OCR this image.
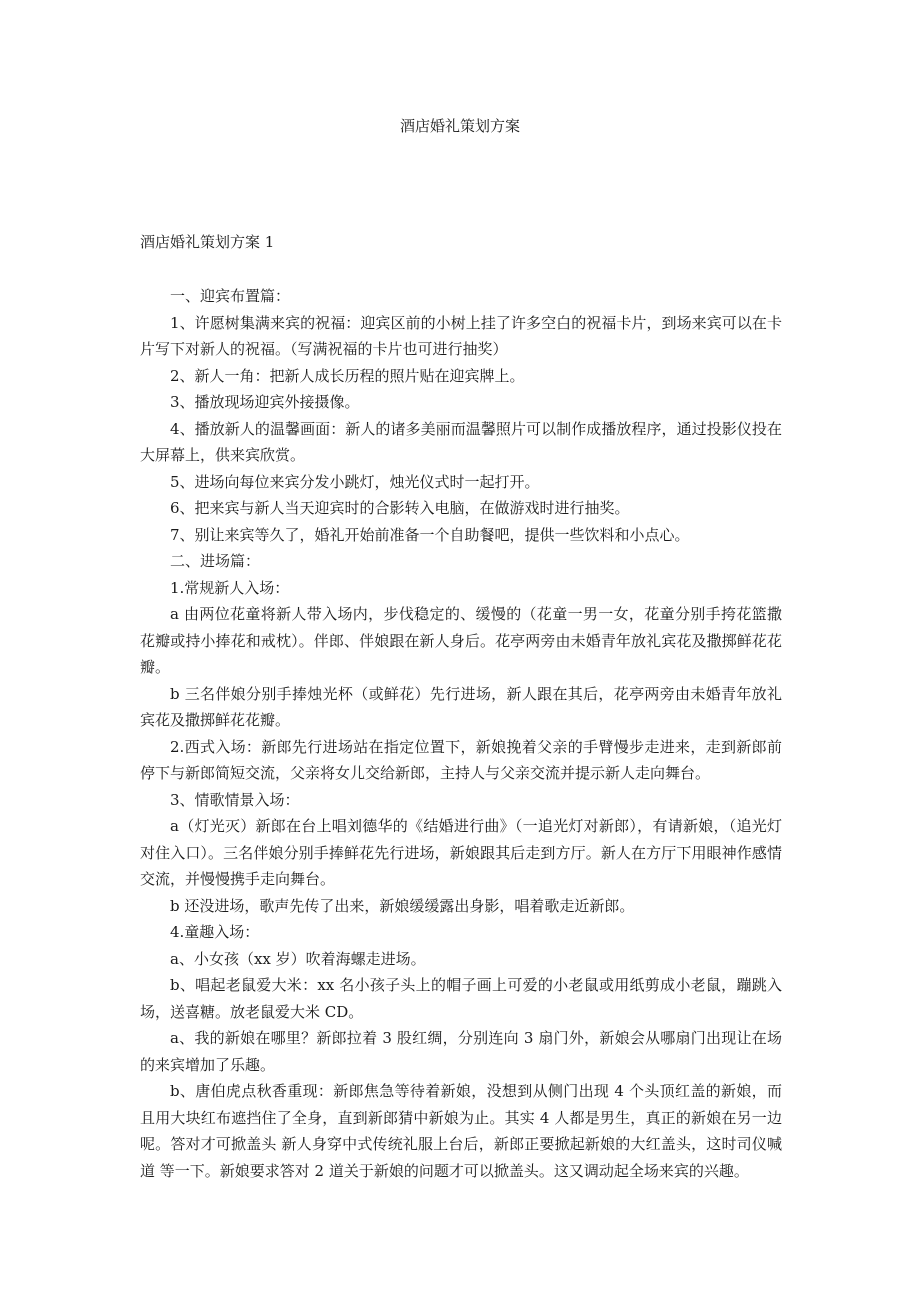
酒店婚礼策划方案
酒店婚礼策划方案 1

一、迎宾布置篇：

1、许愿树集满来宾的祝福：迎宾区前的小树上挂了许多空白的祝福卡片，到场来宾可以在卡片写下对新人的祝福。（写满祝福的卡片也可进行抽奖）

2、新人一角：把新人成长历程的照片贴在迎宾牌上。

3、播放现场迎宾外接摄像。

4、播放新人的温馨画面：新人的诸多美丽而温馨照片可以制作成播放程序，通过投影仪投在大屏幕上，供来宾欣赏。

5、进场向每位来宾分发小跳灯，烛光仪式时一起打开。

6、把来宾与新人当天迎宾时的合影转入电脑，在做游戏时进行抽奖。

7、别让来宾等久了，婚礼开始前准备一个自助餐吧，提供一些饮料和小点心。

二、进场篇：

1.常规新人入场：

a 由两位花童将新人带入场内，步伐稳定的、缓慢的（花童一男一女，花童分别手挎花篮撒花瓣或持小捧花和戒枕）。伴郎、伴娘跟在新人身后。花亭两旁由未婚青年放礼宾花及撒掷鲜花花瓣。

b 三名伴娘分别手捧烛光杯（或鲜花）先行进场，新人跟在其后，花亭两旁由未婚青年放礼宾花及撒掷鲜花花瓣。

2.西式入场：新郎先行进场站在指定位置下，新娘挽着父亲的手臂慢步走进来，走到新郎前停下与新郎简短交流，父亲将女儿交给新郎，主持人与父亲交流并提示新人走向舞台。

3、情歌情景入场：

a（灯光灭）新郎在台上唱刘德华的《结婚进行曲》（一追光灯对新郎），有请新娘，（追光灯对住入口）。三名伴娘分别手捧鲜花先行进场，新娘跟其后走到方厅。新人在方厅下用眼神作感情交流，并慢慢携手走向舞台。

b 还没进场，歌声先传了出来，新娘缓缓露出身影，唱着歌走近新郎。

4.童趣入场：

a、小女孩（xx 岁）吹着海螺走进场。

b、唱起老鼠爱大米：xx 名小孩子头上的帽子画上可爱的小老鼠或用纸剪成小老鼠，蹦跳入场，送喜糖。放老鼠爱大米 CD。

a、我的新娘在哪里？新郎拉着 3 股红绸，分别连向 3 扇门外，新娘会从哪扇门出现让在场的来宾增加了乐趣。

b、唐伯虎点秋香重现：新郎焦急等待着新娘，没想到从侧门出现 4 个头顶红盖的新娘，而且用大块红布遮挡住了全身，直到新郎猜中新娘为止。其实 4 人都是男生，真正的新娘在另一边呢。答对才可掀盖头 新人身穿中式传统礼服上台后，新郎正要掀起新娘的大红盖头，这时司仪喊道 等一下。新娘要求答对 2 道关于新娘的问题才可以掀盖头。这又调动起全场来宾的兴趣。
